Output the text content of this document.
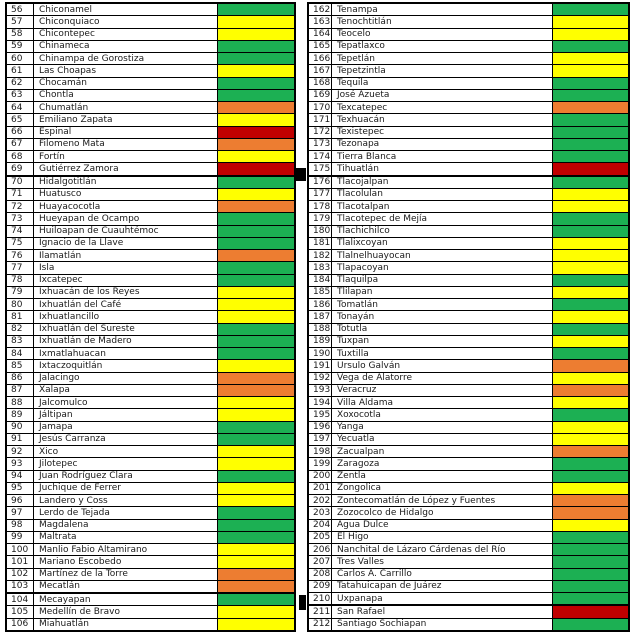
56	Chiconamel
57	Chiconquiaco
58	Chicontepec
59	Chinameca
60	Chinampa de Gorostiza
61	Las Choapas
62	Chocamán
63	Chontla
64	Chumatlán
65	Emiliano Zapata
66	Espinal
67	Filomeno Mata
68	Fortín
69	Gutiérrez Zamora
70	Hidalgotitlán
71	Huatusco
72	Huayacocotla
73	Hueyapan de Ocampo
74	Huiloapan de Cuauhtémoc
75	Ignacio de la Llave
76	Ilamatlán
77	Isla
78	Ixcatepec
79	Ixhuacán de los Reyes
80	Ixhuatlán del Café
81	Ixhuatlancillo
82	Ixhuatlán del Sureste
83	Ixhuatlán de Madero
84	Ixmatlahuacan
85	Ixtaczoquitlán
86	Jalacingo
87	Xalapa
88	Jalcomulco
89	Jáltipan
90	Jamapa
91	Jesús Carranza
92	Xico
93	Jilotepec
94	Juan Rodríguez Clara
95	Juchique de Ferrer
96	Landero y Coss
97	Lerdo de Tejada
98	Magdalena
99	Maltrata
100	Manlio Fabio Altamirano
101	Mariano Escobedo
102	Martínez de la Torre
103	Mecatlán
104	Mecayapan
105	Medellín de Bravo
106	Miahuatlán
162 Tenampa
163 Tenochtitlán
164 Teocelo
165 Tepatlaxco
166 Tepetlán
167 Tepetzintla
168 Tequila
169 José Azueta
170 Texcatepec
171 Texhuacán
172 Texistepec
173 Tezonapa
174 Tierra Blanca
175 Tihuatlán
176 Tlacojalpan
177 Tlacolulan
178 Tlacotalpan
179 Tlacotepec de Mejía
180 Tlachichilco
181 Tlalixcoyan
182 Tlalnelhuayocan
183 Tlapacoyan
184 Tlaquilpa
185 Tlilapan
186 Tomatlán
187 Tonayán
188 Totutla
189 Tuxpan
190 Tuxtilla
191 Ursulo Galván
192 Vega de Alatorre
193 Veracruz
194 Villa Aldama
195 Xoxocotla
196 Yanga
197 Yecuatla
198 Zacualpan
199 Zaragoza
200 Zentla
201 Zongolica
202 Zontecomatlán de López y Fuentes
203 Zozocolco de Hidalgo
204 Agua Dulce
205 El Higo
206 Nanchital de Lázaro Cárdenas del Río
207 Tres Valles
208 Carlos A. Carrillo
209 Tatahuicapan de Juárez
210 Uxpanapa
211 San Rafael
212 Santiago Sochiapan
